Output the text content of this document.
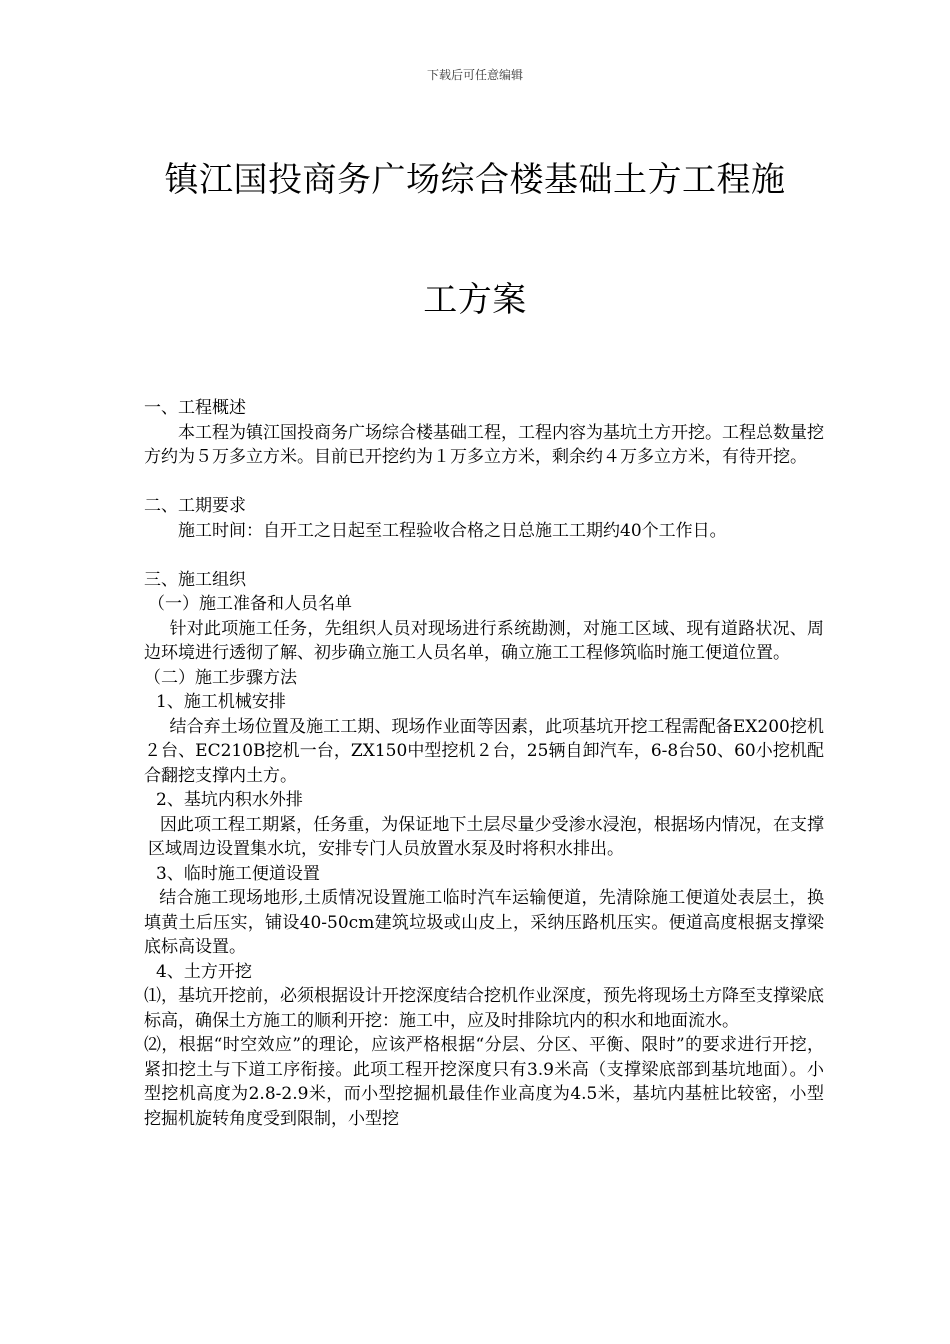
下载后可任意编辑
镇江国投商务广场综合楼基础土方工程施
工方案

一、工程概述

本工程为镇江国投商务广场综合楼基础工程，工程内容为基坑土方开挖。工程总数量挖方约为５万多立方米。目前已开挖约为１万多立方米，剩余约４万多立方米，有待开挖。

二、工期要求

施工时间：自开工之日起至工程验收合格之日总施工工期约40个工作日。

三、施工组织

（一）施工准备和人员名单

针对此项施工任务，先组织人员对现场进行系统勘测，对施工区域、现有道路状况、周边环境进行透彻了解、初步确立施工人员名单，确立施工工程修筑临时施工便道位置。

（二）施工步骤方法

1、施工机械安排

结合弃土场位置及施工工期、现场作业面等因素，此项基坑开挖工程需配备EX200挖机２台、EC210B挖机一台，ZX150中型挖机２台，25辆自卸汽车，6-8台50、60小挖机配合翻挖支撑内土方。

2、基坑内积水外排

因此项工程工期紧，任务重，为保证地下土层尽量少受渗水浸泡，根据场内情况，在支撑区域周边设置集水坑，安排专门人员放置水泵及时将积水排出。

3、临时施工便道设置

结合施工现场地形,土质情况设置施工临时汽车运输便道，先清除施工便道处表层土，换填黄土后压实，铺设40-50cm建筑垃圾或山皮上，采纳压路机压实。便道高度根据支撑梁底标高设置。

4、土方开挖

⑴，基坑开挖前，必须根据设计开挖深度结合挖机作业深度，预先将现场土方降至支撑梁底标高，确保土方施工的顺利开挖：施工中，应及时排除坑内的积水和地面流水。

⑵，根据“时空效应”的理论，应该严格根据“分层、分区、平衡、限时”的要求进行开挖，紧扣挖土与下道工序衔接。此项工程开挖深度只有3.9米高（支撑梁底部到基坑地面）。小型挖机高度为2.8-2.9米，而小型挖掘机最佳作业高度为4.5米，基坑内基桩比较密，小型挖掘机旋转角度受到限制，小型挖
